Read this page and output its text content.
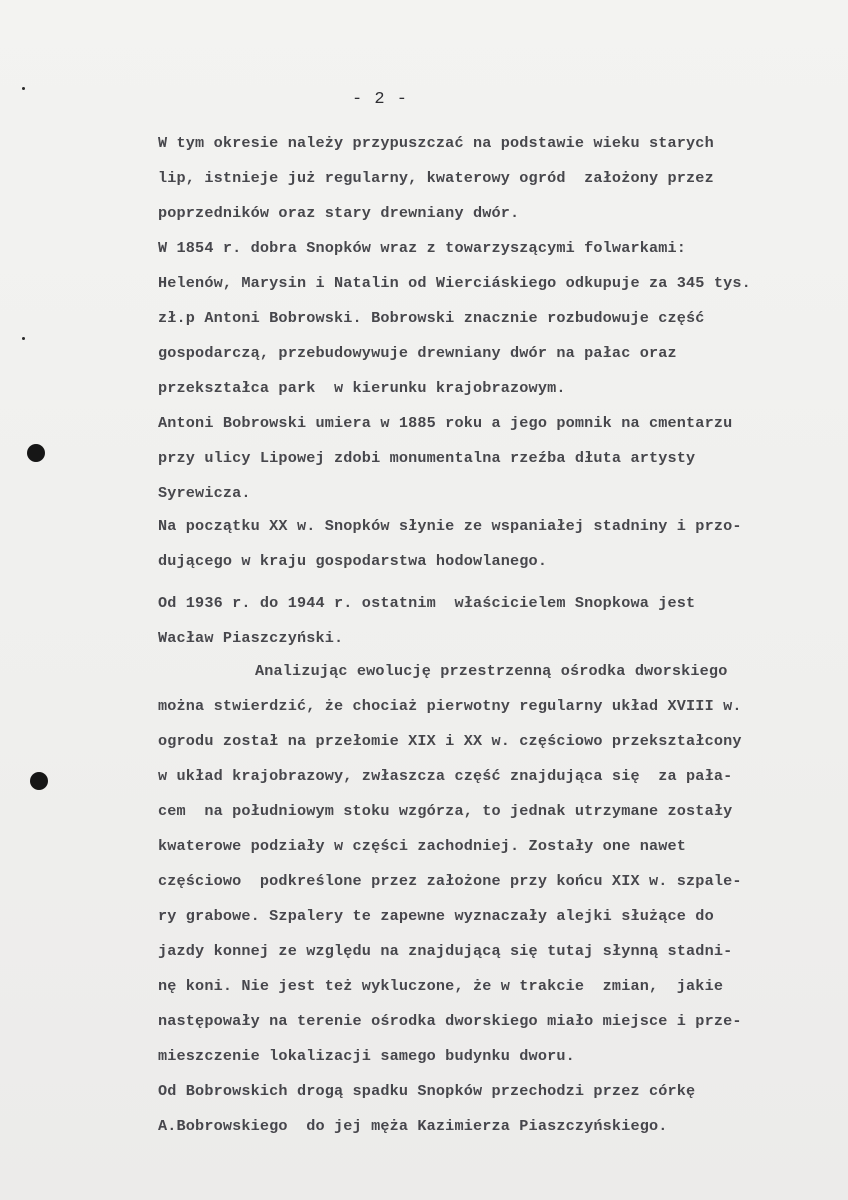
- 2 -
W tym okresie należy przypuszczać na podstawie wieku starych
lip, istnieje już regularny, kwaterowy ogród  założony przez
poprzedników oraz stary drewniany dwór.
W 1854 r. dobra Snopków wraz z towarzyszącymi folwarkami:
Helenów, Marysin i Natalin od Wierciáskiego odkupuje za 345 tys.
zł.p Antoni Bobrowski. Bobrowski znacznie rozbudowuje część
gospodarczą, przebudowywuje drewniany dwór na pałac oraz
przekształca park  w kierunku krajobrazowym.
Antoni Bobrowski umiera w 1885 roku a jego pomnik na cmentarzu
przy ulicy Lipowej zdobi monumentalna rzeźba dłuta artysty
Syrewicza.
Na początku XX w. Snopków słynie ze wspaniałej stadniny i przo-
dującego w kraju gospodarstwa hodowlanego.
Od 1936 r. do 1944 r. ostatnim  właścicielem Snopkowa jest
Wacław Piaszczyński.
Analizując ewolucję przestrzenną ośrodka dworskiego
można stwierdzić, że chociaż pierwotny regularny układ XVIII w.
ogrodu został na przełomie XIX i XX w. częściowo przekształcony
w układ krajobrazowy, zwłaszcza część znajdująca się  za pała-
cem  na południowym stoku wzgórza, to jednak utrzymane zostały
kwaterowe podziały w części zachodniej. Zostały one nawet
częściowo  podkreślone przez założone przy końcu XIX w. szpale-
ry grabowe. Szpalery te zapewne wyznaczały alejki służące do
jazdy konnej ze względu na znajdującą się tutaj słynną stadni-
nę koni. Nie jest też wykluczone, że w trakcie  zmian,  jakie
następowały na terenie ośrodka dworskiego miało miejsce i prze-
mieszczenie lokalizacji samego budynku dworu.
Od Bobrowskich drogą spadku Snopków przechodzi przez córkę
A.Bobrowskiego  do jej męża Kazimierza Piaszczyńskiego.
